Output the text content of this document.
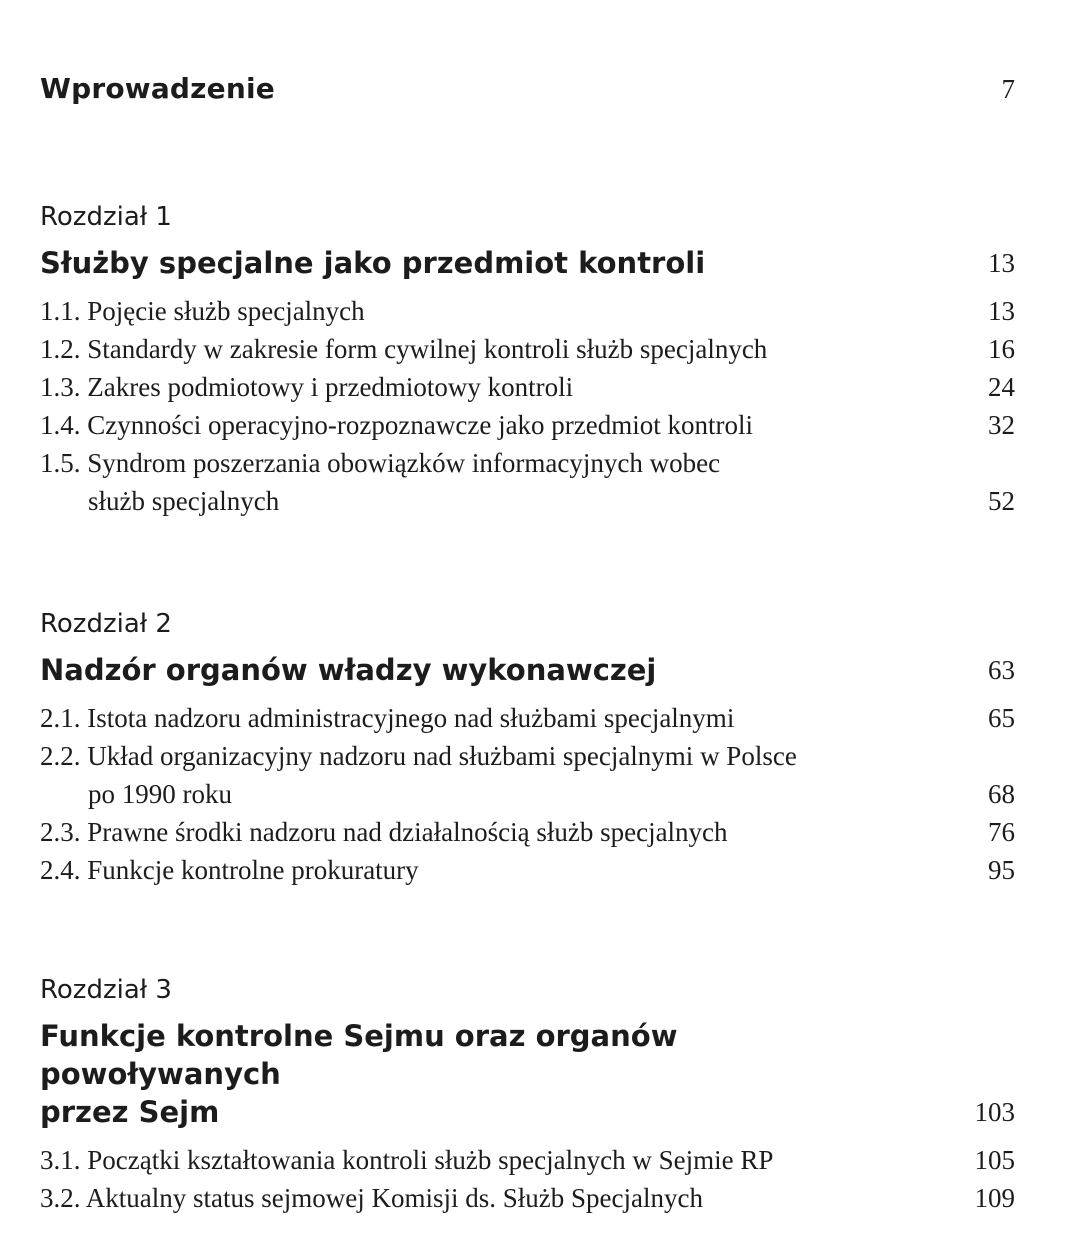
Wprowadzenie	7
Rozdział 1
Służby specjalne jako przedmiot kontroli	13
1.1. Pojęcie służb specjalnych	13
1.2. Standardy w zakresie form cywilnej kontroli służb specjalnych	16
1.3. Zakres podmiotowy i przedmiotowy kontroli	24
1.4. Czynności operacyjno-rozpoznawcze jako przedmiot kontroli	32
1.5. Syndrom poszerzania obowiązków informacyjnych wobec
służb specjalnych	52
Rozdział 2
Nadzór organów władzy wykonawczej	63
2.1. Istota nadzoru administracyjnego nad służbami specjalnymi	65
2.2. Układ organizacyjny nadzoru nad służbami specjalnymi w Polsce
po 1990 roku	68
2.3. Prawne środki nadzoru nad działalnością służb specjalnych	76
2.4. Funkcje kontrolne prokuratury	95
Rozdział 3
Funkcje kontrolne Sejmu oraz organów powoływanych
przez Sejm	103
3.1. Początki kształtowania kontroli służb specjalnych w Sejmie RP	105
3.2. Aktualny status sejmowej Komisji ds. Służb Specjalnych	109
